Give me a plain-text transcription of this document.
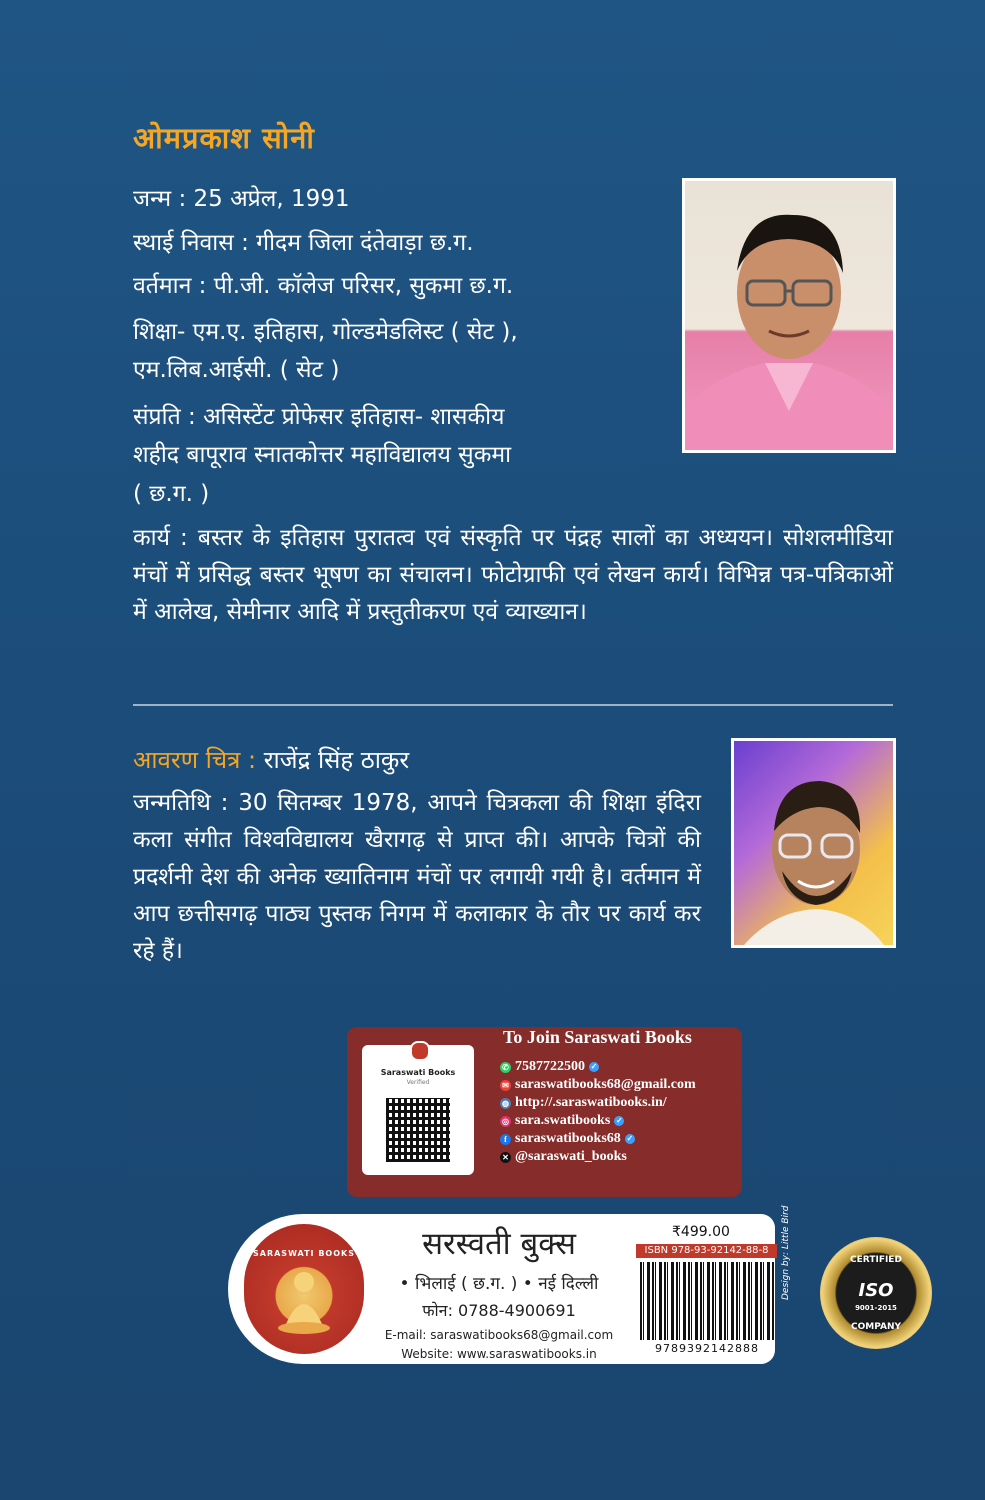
ओमप्रकाश सोनी
जन्म : 25 अप्रेल, 1991
स्थाई निवास : गीदम जिला दंतेवाड़ा छ.ग.
वर्तमान : पी.जी. कॉलेज परिसर, सुकमा छ.ग.
शिक्षा- एम.ए. इतिहास, गोल्डमेडलिस्ट ( सेट ),
एम.लिब.आईसी. ( सेट )
संप्रति : असिस्टेंट प्रोफेसर इतिहास- शासकीय
शहीद बापूराव स्नातकोत्तर महाविद्यालय सुकमा
( छ.ग. )
कार्य : बस्तर के इतिहास पुरातत्व एवं संस्कृति पर पंद्रह सालों का अध्ययन। सोशलमीडिया मंचों में प्रसिद्ध बस्तर भूषण का संचालन। फोटोग्राफी एवं लेखन कार्य। विभिन्न पत्र-पत्रिकाओं में आलेख, सेमीनार आदि में प्रस्तुतीकरण एवं व्याख्यान।
आवरण चित्र : राजेंद्र सिंह ठाकुर
जन्मतिथि : 30 सितम्बर 1978, आपने चित्रकला की शिक्षा इंदिरा कला संगीत विश्वविद्यालय खैरागढ़ से प्राप्त की। आपके चित्रों की प्रदर्शनी देश की अनेक ख्यातिनाम मंचों पर लगायी गयी है। वर्तमान में आप छत्तीसगढ़ पाठ्य पुस्तक निगम में कलाकार के तौर पर कार्य कर रहे हैं।
To Join Saraswati Books
Saraswati Books
Verified
✆ 7587722500 ✓
✉ saraswatibooks68@gmail.com
◍ http://.saraswatibooks.in/
◎ sara.swatibooks ✓
f saraswatibooks68 ✓
✕ @saraswati_books
SARASWATI BOOKS	सरस्वती बुक्स
• भिलाई ( छ.ग. ) • नई दिल्ली
फोन: 0788-4900691
E-mail: saraswatibooks68@gmail.com
Website: www.saraswatibooks.in
₹499.00
ISBN 978-93-92142-88-8
9789392142888
Design by: Little Bird	CERTIFIED
ISO
9001-2015
COMPANY
